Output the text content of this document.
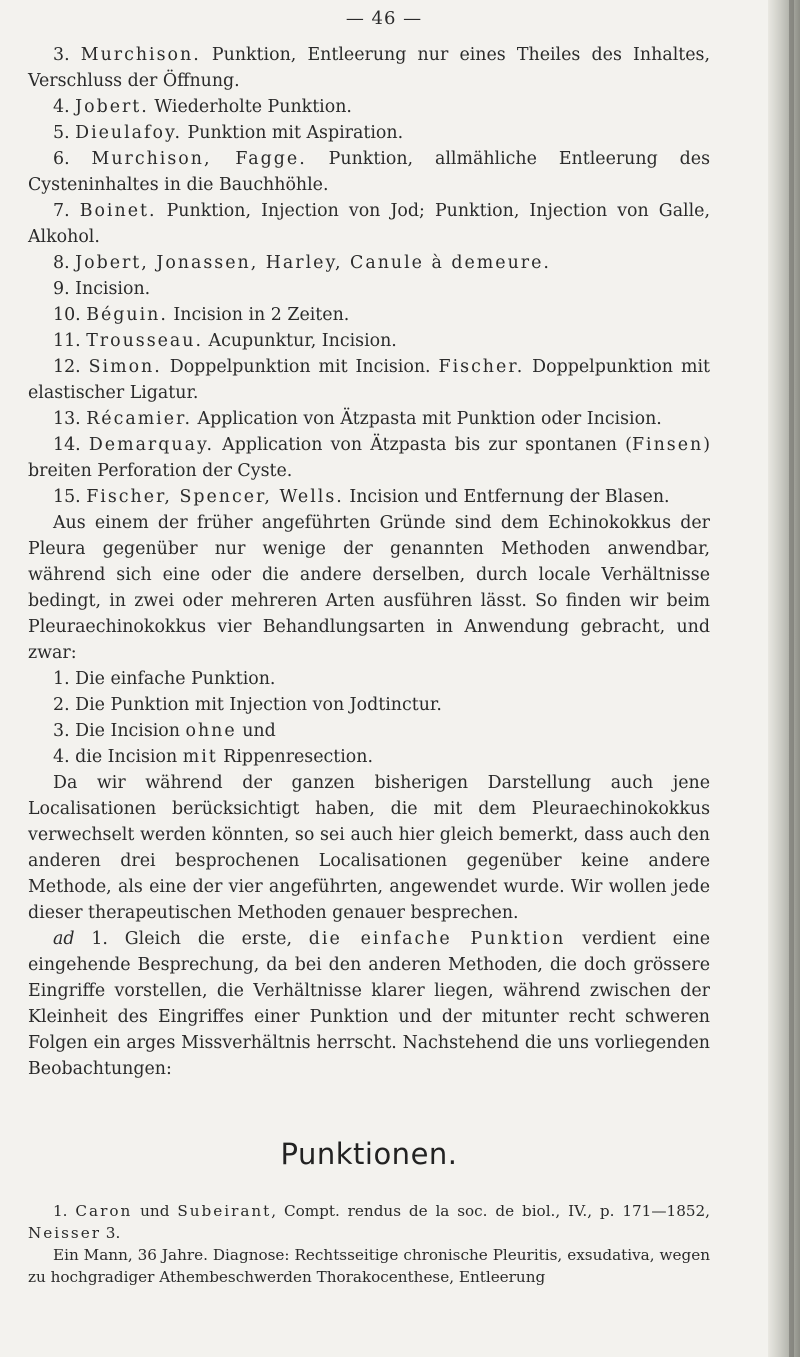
— 46 —

3. Murchison. Punktion, Entleerung nur eines Theiles des Inhaltes, Verschluss der Öffnung.

4. Jobert. Wiederholte Punktion.

5. Dieulafoy. Punktion mit Aspiration.

6. Murchison, Fagge. Punktion, allmähliche Entleerung des Cysteninhaltes in die Bauchhöhle.

7. Boinet. Punktion, Injection von Jod; Punktion, Injection von Galle, Alkohol.

8. Jobert, Jonassen, Harley, Canule à demeure.

9. Incision.

10. Béguin. Incision in 2 Zeiten.

11. Trousseau. Acupunktur, Incision.

12. Simon. Doppelpunktion mit Incision. Fischer. Doppelpunktion mit elastischer Ligatur.

13. Récamier. Application von Ätzpasta mit Punktion oder Incision.

14. Demarquay. Application von Ätzpasta bis zur spontanen (Finsen) breiten Perforation der Cyste.

15. Fischer, Spencer, Wells. Incision und Entfernung der Blasen.

Aus einem der früher angeführten Gründe sind dem Echinokokkus der Pleura gegenüber nur wenige der genannten Methoden anwendbar, während sich eine oder die andere derselben, durch locale Verhältnisse bedingt, in zwei oder mehreren Arten ausführen lässt. So finden wir beim Pleuraechinokokkus vier Behandlungsarten in Anwendung gebracht, und zwar:

1. Die einfache Punktion.

2. Die Punktion mit Injection von Jodtinctur.

3. Die Incision ohne und

4. die Incision mit Rippenresection.

Da wir während der ganzen bisherigen Darstellung auch jene Localisationen berücksichtigt haben, die mit dem Pleuraechinokokkus verwechselt werden könnten, so sei auch hier gleich bemerkt, dass auch den anderen drei besprochenen Localisationen gegenüber keine andere Methode, als eine der vier angeführten, angewendet wurde. Wir wollen jede dieser therapeutischen Methoden genauer besprechen.

ad 1. Gleich die erste, die einfache Punktion verdient eine eingehende Besprechung, da bei den anderen Methoden, die doch grössere Eingriffe vorstellen, die Verhältnisse klarer liegen, während zwischen der Kleinheit des Eingriffes einer Punktion und der mitunter recht schweren Folgen ein arges Missverhältnis herrscht. Nachstehend die uns vorliegenden Beobachtungen:

Punktionen.

1. Caron und Subeirant, Compt. rendus de la soc. de biol., IV., p. 171—1852, Neisser 3.

Ein Mann, 36 Jahre. Diagnose: Rechtsseitige chronische Pleuritis, exsudativa, wegen zu hochgradiger Athembeschwerden Thorakocenthese, Entleerung
